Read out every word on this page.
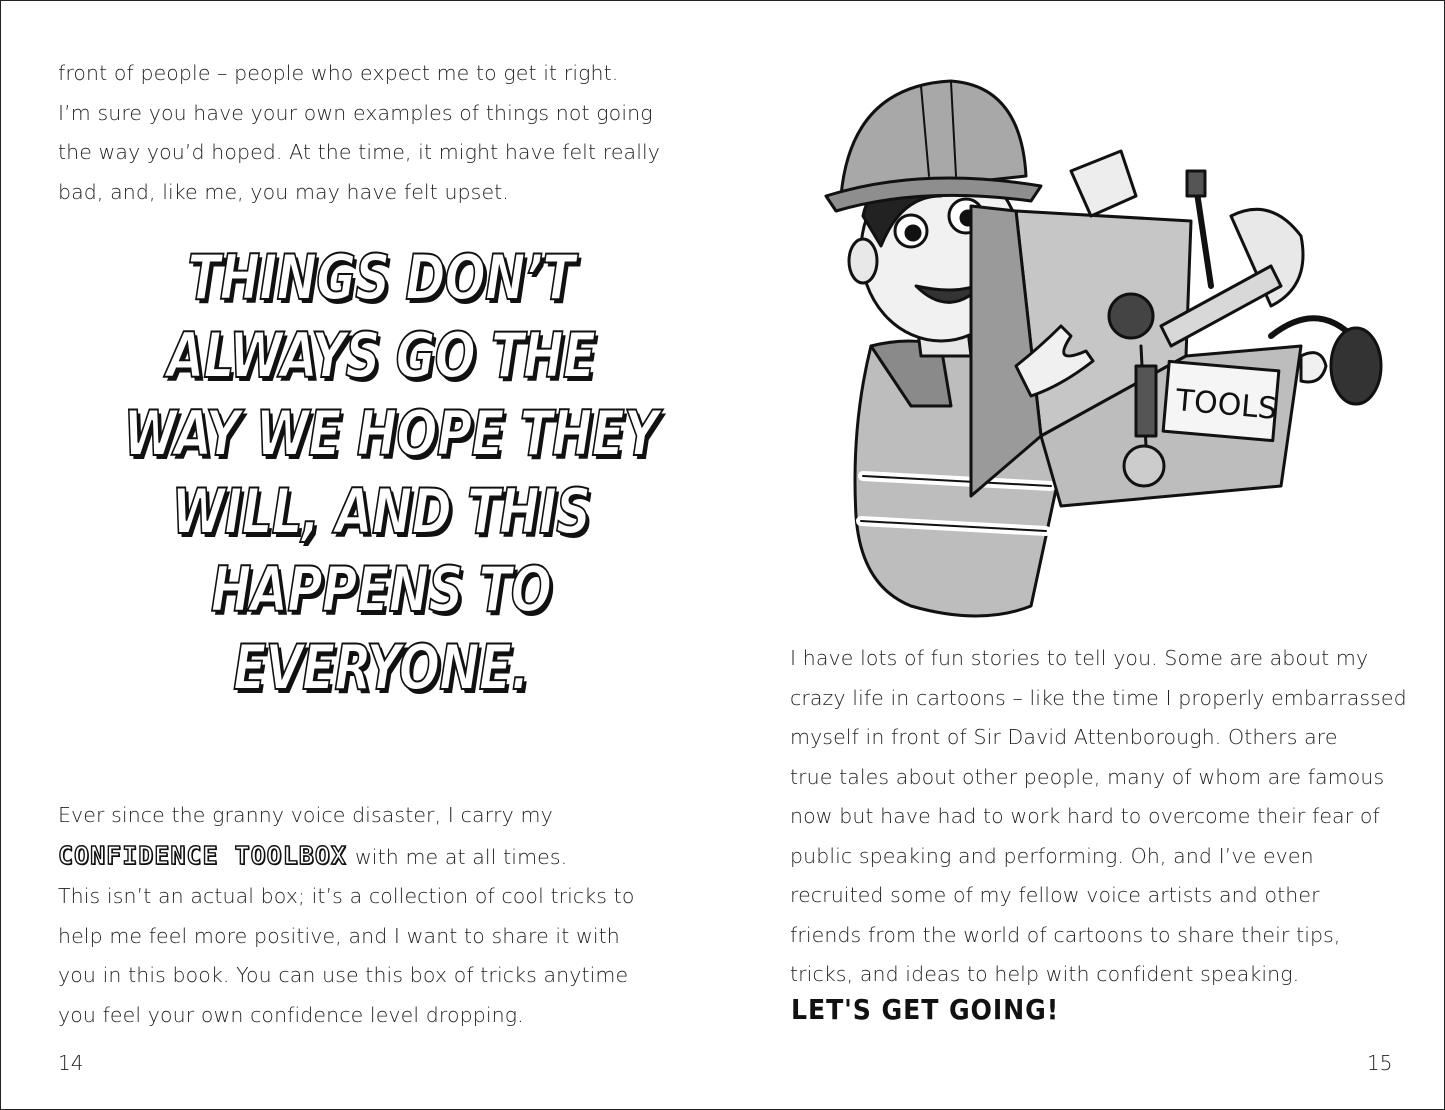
front of people – people who expect me to get it right.
I’m sure you have your own examples of things not going
the way you’d hoped. At the time, it might have felt really
bad, and, like me, you may have felt upset.
THINGS DON’T
ALWAYS GO THE
WAY WE HOPE THEY
WILL, AND THIS
HAPPENS TO
EVERYONE.
Ever since the granny voice disaster, I carry my
CONFIDENCE TOOLBOX with me at all times.
This isn’t an actual box; it’s a collection of cool tricks to
help me feel more positive, and I want to share it with
you in this book. You can use this box of tricks anytime
you feel your own confidence level dropping.
14
TOOLS
I have lots of fun stories to tell you. Some are about my
crazy life in cartoons – like the time I properly embarrassed
myself in front of Sir David Attenborough. Others are
true tales about other people, many of whom are famous
now but have had to work hard to overcome their fear of
public speaking and performing. Oh, and I’ve even
recruited some of my fellow voice artists and other
friends from the world of cartoons to share their tips,
tricks, and ideas to help with confident speaking.
LET'S GET GOING!
15
